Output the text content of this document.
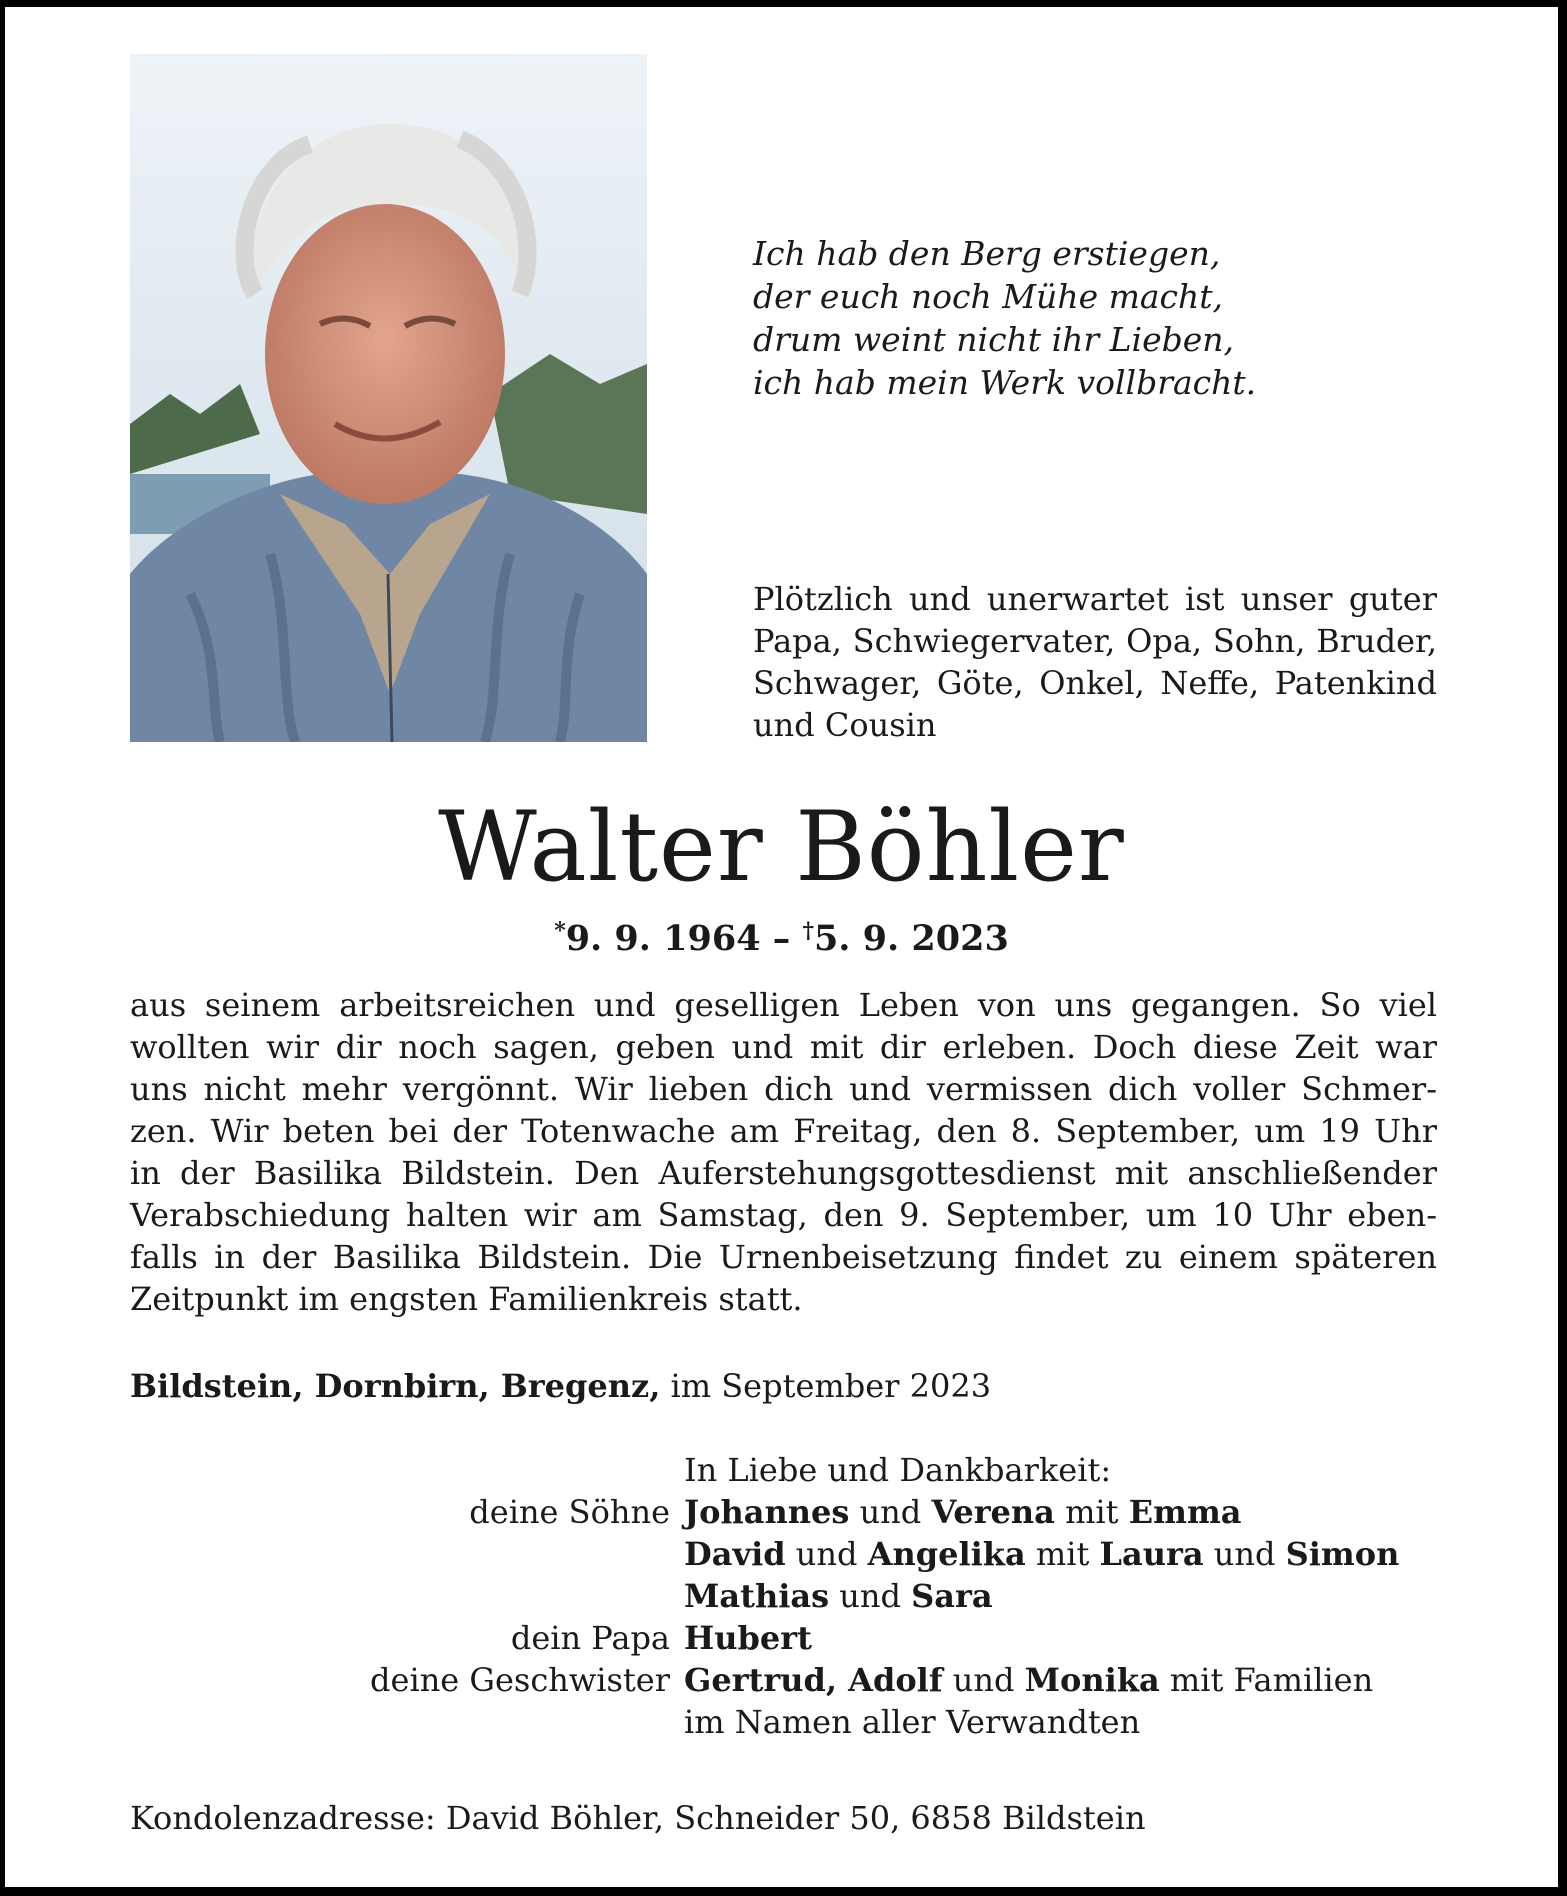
Ich hab den Berg erstiegen,
der euch noch Mühe macht,
drum weint nicht ihr Lieben,
ich hab mein Werk vollbracht.
Plötzlich und unerwartet ist unser guter Papa, Schwiegervater, Opa, Sohn, Bruder, Schwager, Göte, Onkel, Neffe, Patenkind und Cousin
Walter Böhler
*9. 9. 1964 – †5. 9. 2023
aus seinem arbeitsreichen und geselligen Leben von uns gegangen. So viel
wollten wir dir noch sagen, geben und mit dir erleben. Doch diese Zeit war
uns nicht mehr vergönnt. Wir lieben dich und vermissen dich voller Schmer-
zen. Wir beten bei der Totenwache am Freitag, den 8. September, um 19 Uhr
in der Basilika Bildstein. Den Auferstehungsgottesdienst mit anschließender
Verabschiedung halten wir am Samstag, den 9. September, um 10 Uhr eben-
falls in der Basilika Bildstein. Die Urnenbeisetzung findet zu einem späteren
Zeitpunkt im engsten Familienkreis statt.
Bildstein, Dornbirn, Bregenz, im September 2023
In Liebe und Dankbarkeit:
deine Söhne Johannes und Verena mit Emma
David und Angelika mit Laura und Simon
Mathias und Sara
dein Papa Hubert
deine Geschwister Gertrud, Adolf und Monika mit Familien
im Namen aller Verwandten
Kondolenzadresse: David Böhler, Schneider 50, 6858 Bildstein
